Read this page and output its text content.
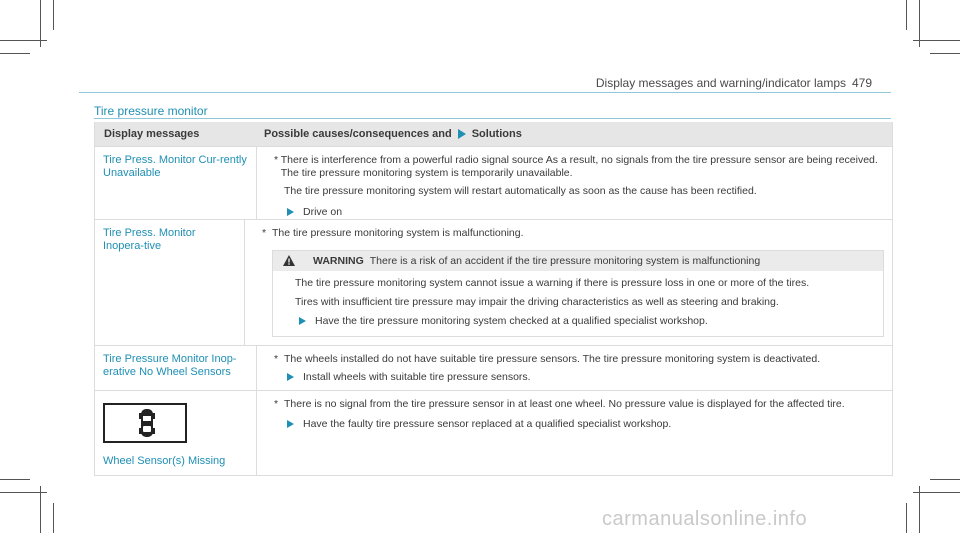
Display messages and warning/indicator lamps 479
Tire pressure monitor
Display messages	Possible causes/consequences and Solutions
Tire Press. Monitor Cur-rently Unavailable
* There is interference from a powerful radio signal source As a result, no signals from the tire pressure sensor are being received. The tire pressure monitoring system is temporarily unavailable.
The tire pressure monitoring system will restart automatically as soon as the cause has been rectified.
Drive on
Tire Press. Monitor Inopera-tive
* The tire pressure monitoring system is malfunctioning.
WARNING There is a risk of an accident if the tire pressure monitoring system is malfunctioning
The tire pressure monitoring system cannot issue a warning if there is pressure loss in one or more of the tires.
Tires with insufficient tire pressure may impair the driving characteristics as well as steering and braking.
Have the tire pressure monitoring system checked at a qualified specialist workshop.
Tire Pressure Monitor Inop-erative No Wheel Sensors
* The wheels installed do not have suitable tire pressure sensors. The tire pressure monitoring system is deactivated.
Install wheels with suitable tire pressure sensors.
Wheel Sensor(s) Missing
* There is no signal from the tire pressure sensor in at least one wheel. No pressure value is displayed for the affected tire.
Have the faulty tire pressure sensor replaced at a qualified specialist workshop.
carmanualsonline.info
